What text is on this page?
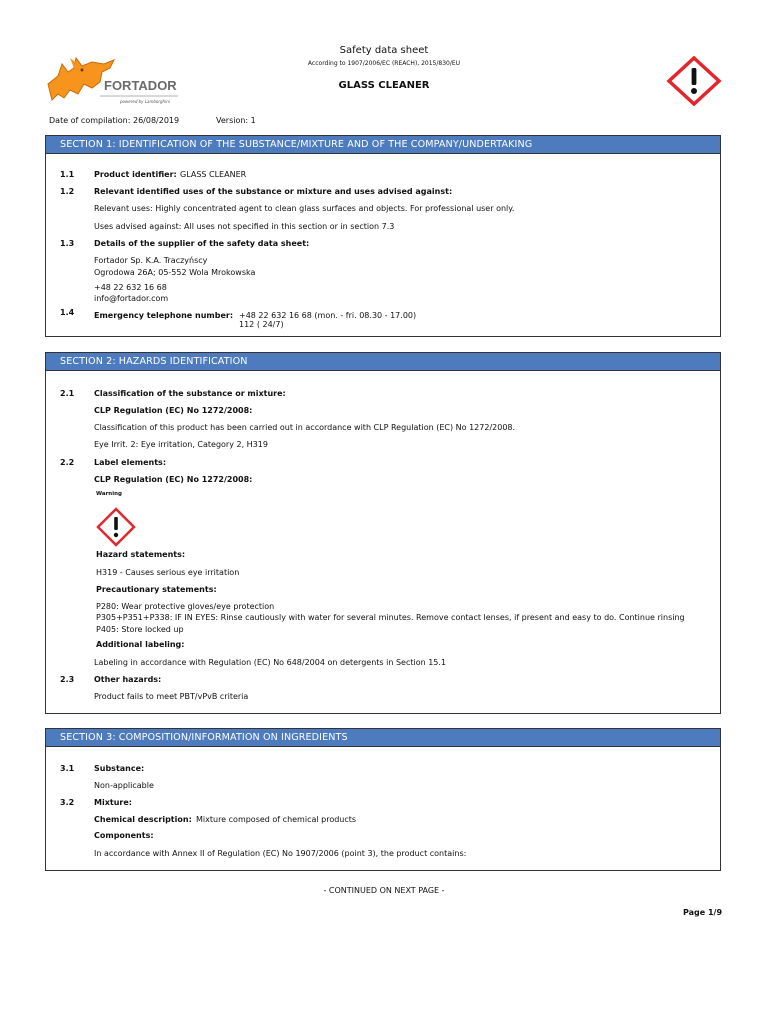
FORTADOR
powered by Lamborghini
Safety data sheet
According to 1907/2006/EC (REACH), 2015/830/EU
GLASS CLEANER
Date of compilation: 26/08/2019	Version: 1
SECTION 1: IDENTIFICATION OF THE SUBSTANCE/MIXTURE AND OF THE COMPANY/UNDERTAKING
1.1 Product identifier: GLASS CLEANER
1.2 Relevant identified uses of the substance or mixture and uses advised against:
Relevant uses: Highly concentrated agent to clean glass surfaces and objects. For professional user only.
Uses advised against: All uses not specified in this section or in section 7.3
1.3 Details of the supplier of the safety data sheet:
Fortador Sp. K.A. Traczyńscy
Ogrodowa 26A; 05-552 Wola Mrokowska
+48 22 632 16 68
info@fortador.com
1.4 Emergency telephone number: +48 22 632 16 68 (mon. - fri. 08.30 - 17.00)
112 ( 24/7)
SECTION 2: HAZARDS IDENTIFICATION
2.1 Classification of the substance or mixture:
CLP Regulation (EC) No 1272/2008:
Classification of this product has been carried out in accordance with CLP Regulation (EC) No 1272/2008.
Eye Irrit. 2: Eye irritation, Category 2, H319
2.2 Label elements:
CLP Regulation (EC) No 1272/2008:
Warning
Hazard statements:
H319 - Causes serious eye irritation
Precautionary statements:
P280: Wear protective gloves/eye protection
P305+P351+P338: IF IN EYES: Rinse cautiously with water for several minutes. Remove contact lenses, if present and easy to do. Continue rinsing
P405: Store locked up
Additional labeling:
Labeling in accordance with Regulation (EC) No 648/2004 on detergents in Section 15.1
2.3 Other hazards:
Product fails to meet PBT/vPvB criteria
SECTION 3: COMPOSITION/INFORMATION ON INGREDIENTS
3.1 Substance:
Non-applicable
3.2 Mixture:
Chemical description: Mixture composed of chemical products
Components:
In accordance with Annex II of Regulation (EC) No 1907/2006 (point 3), the product contains:
- CONTINUED ON NEXT PAGE -
Page 1/9
